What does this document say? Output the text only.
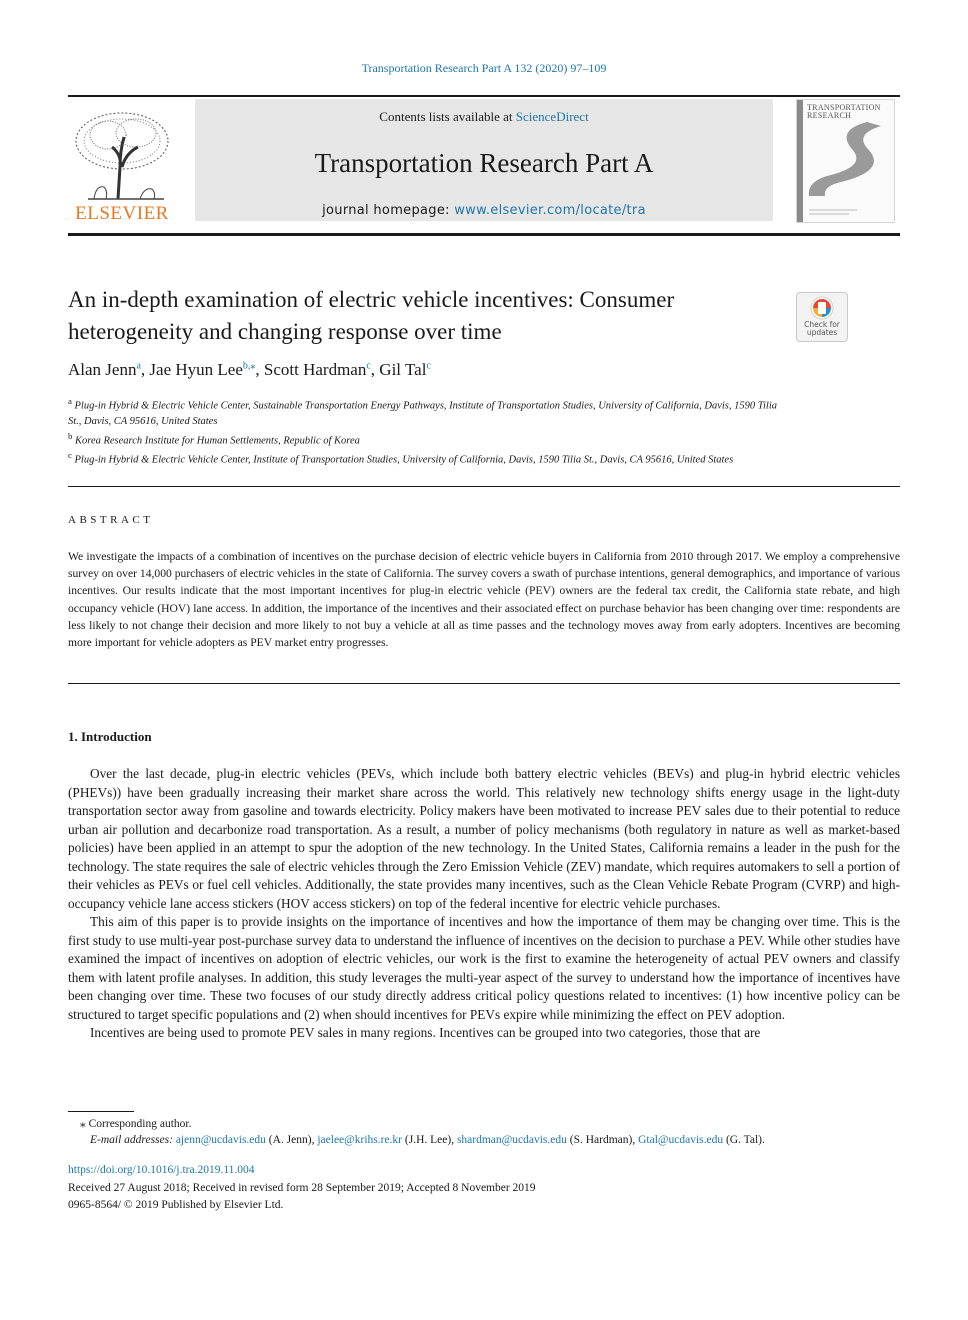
Transportation Research Part A 132 (2020) 97–109
ELSEVIER
Contents lists available at ScienceDirect
Transportation Research Part A
journal homepage: www.elsevier.com/locate/tra
TRANSPORTATION
RESEARCH
An in-depth examination of electric vehicle incentives: Consumer heterogeneity and changing response over time	Check for
updates
Alan Jenn$^a$, Jae Hyun Lee$^{b,⁎}$, Scott Hardman$^c$, Gil Tal$^c$
$^a$ Plug-in Hybrid & Electric Vehicle Center, Sustainable Transportation Energy Pathways, Institute of Transportation Studies, University of California, Davis, 1590 Tilia St., Davis, CA 95616, United States
$^b$ Korea Research Institute for Human Settlements, Republic of Korea
$^c$ Plug-in Hybrid & Electric Vehicle Center, Institute of Transportation Studies, University of California, Davis, 1590 Tilia St., Davis, CA 95616, United States
ABSTRACT
We investigate the impacts of a combination of incentives on the purchase decision of electric vehicle buyers in California from 2010 through 2017. We employ a comprehensive survey on over 14,000 purchasers of electric vehicles in the state of California. The survey covers a swath of purchase intentions, general demographics, and importance of various incentives. Our results indicate that the most important incentives for plug-in electric vehicle (PEV) owners are the federal tax credit, the California state rebate, and high occupancy vehicle (HOV) lane access. In addition, the importance of the incentives and their associated effect on purchase behavior has been changing over time: respondents are less likely to not change their decision and more likely to not buy a vehicle at all as time passes and the technology moves away from early adopters. Incentives are becoming more important for vehicle adopters as PEV market entry progresses.
1. Introduction

Over the last decade, plug-in electric vehicles (PEVs, which include both battery electric vehicles (BEVs) and plug-in hybrid electric vehicles (PHEVs)) have been gradually increasing their market share across the world. This relatively new technology shifts energy usage in the light-duty transportation sector away from gasoline and towards electricity. Policy makers have been motivated to increase PEV sales due to their potential to reduce urban air pollution and decarbonize road transportation. As a result, a number of policy mechanisms (both regulatory in nature as well as market-based policies) have been applied in an attempt to spur the adoption of the new technology. In the United States, California remains a leader in the push for the technology. The state requires the sale of electric vehicles through the Zero Emission Vehicle (ZEV) mandate, which requires automakers to sell a portion of their vehicles as PEVs or fuel cell vehicles. Additionally, the state provides many incentives, such as the Clean Vehicle Rebate Program (CVRP) and high-occupancy vehicle lane access stickers (HOV access stickers) on top of the federal incentive for electric vehicle purchases.

This aim of this paper is to provide insights on the importance of incentives and how the importance of them may be changing over time. This is the first study to use multi-year post-purchase survey data to understand the influence of incentives on the decision to purchase a PEV. While other studies have examined the impact of incentives on adoption of electric vehicles, our work is the first to examine the heterogeneity of actual PEV owners and classify them with latent profile analyses. In addition, this study leverages the multi-year aspect of the survey to understand how the importance of incentives have been changing over time. These two focuses of our study directly address critical policy questions related to incentives: (1) how incentive policy can be structured to target specific populations and (2) when should incentives for PEVs expire while minimizing the effect on PEV adoption.

Incentives are being used to promote PEV sales in many regions. Incentives can be grouped into two categories, those that are

⁎ Corresponding author.
E-mail addresses: ajenn@ucdavis.edu (A. Jenn), jaelee@krihs.re.kr (J.H. Lee), shardman@ucdavis.edu (S. Hardman), Gtal@ucdavis.edu (G. Tal).
https://doi.org/10.1016/j.tra.2019.11.004
Received 27 August 2018; Received in revised form 28 September 2019; Accepted 8 November 2019
0965-8564/ © 2019 Published by Elsevier Ltd.
